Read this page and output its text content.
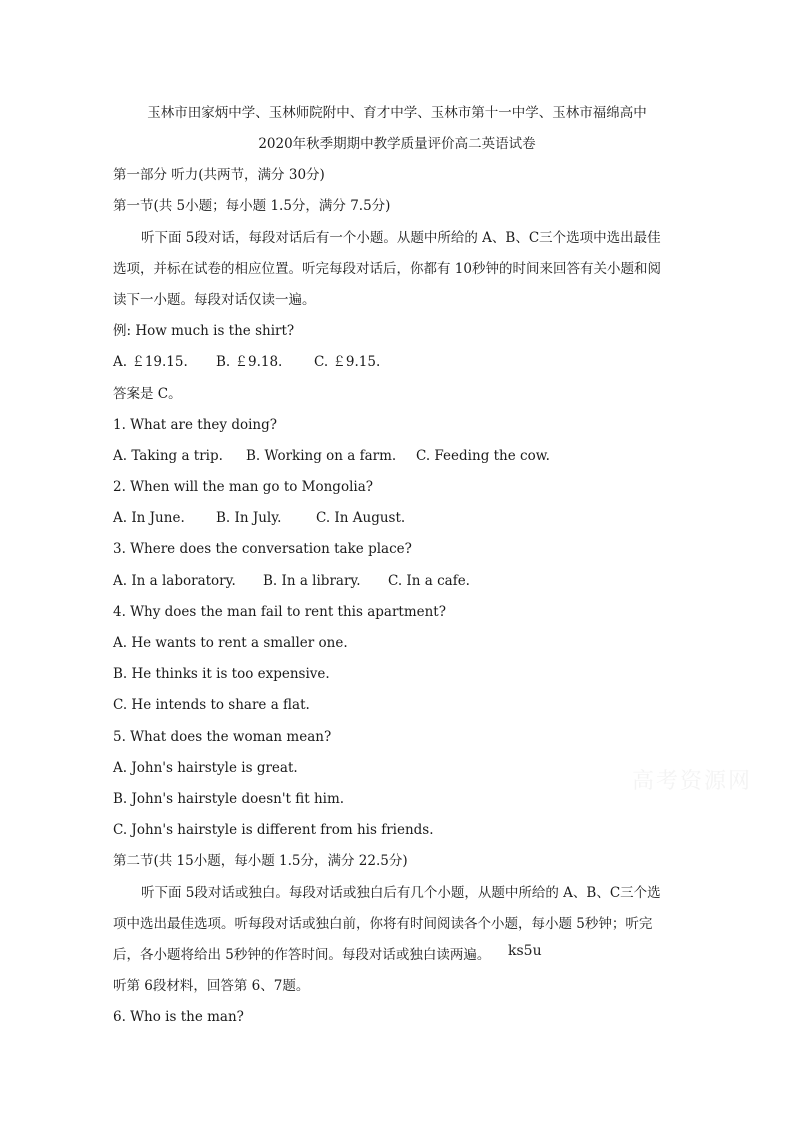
玉林市田家炳中学、玉林师院附中、育才中学、玉林市第十一中学、玉林市福绵高中
2020年秋季期期中教学质量评价高二英语试卷
第一部分 听力(共两节，满分 30分)
第一节(共 5小题；每小题 1.5分，满分 7.5分)
听下面 5段对话，每段对话后有一个小题。从题中所给的 A、B、C三个选项中选出最佳
选项，并标在试卷的相应位置。听完每段对话后，你都有 10秒钟的时间来回答有关小题和阅
读下一小题。每段对话仅读一遍。
例: How much is the shirt?
A. ￡19.15. B. ￡9.18. C. ￡9.15.
答案是 C。
1. What are they doing?
A. Taking a trip. B. Working on a farm. C. Feeding the cow.
2. When will the man go to Mongolia?
A. In June. B. In July.	C. In August.
3. Where does the conversation take place?
A. In a laboratory. B. In a library. C. In a cafe.
4. Why does the man fail to rent this apartment?
A. He wants to rent a smaller one.
B. He thinks it is too expensive.
C. He intends to share a flat.
5. What does the woman mean?
A. John's hairstyle is great.
B. John's hairstyle doesn't fit him.
C. John's hairstyle is different from his friends.
第二节(共 15小题，每小题 1.5分，满分 22.5分)
听下面 5段对话或独白。每段对话或独白后有几个小题，从题中所给的 A、B、C三个选
项中选出最佳选项。听每段对话或独白前，你将有时间阅读各个小题，每小题 5秒钟；听完
后，各小题将给出 5秒钟的作答时间。每段对话或独白读两遍。 ks5u
听第 6段材料，回答第 6、7题。
6. Who is the man?
高考资源网
